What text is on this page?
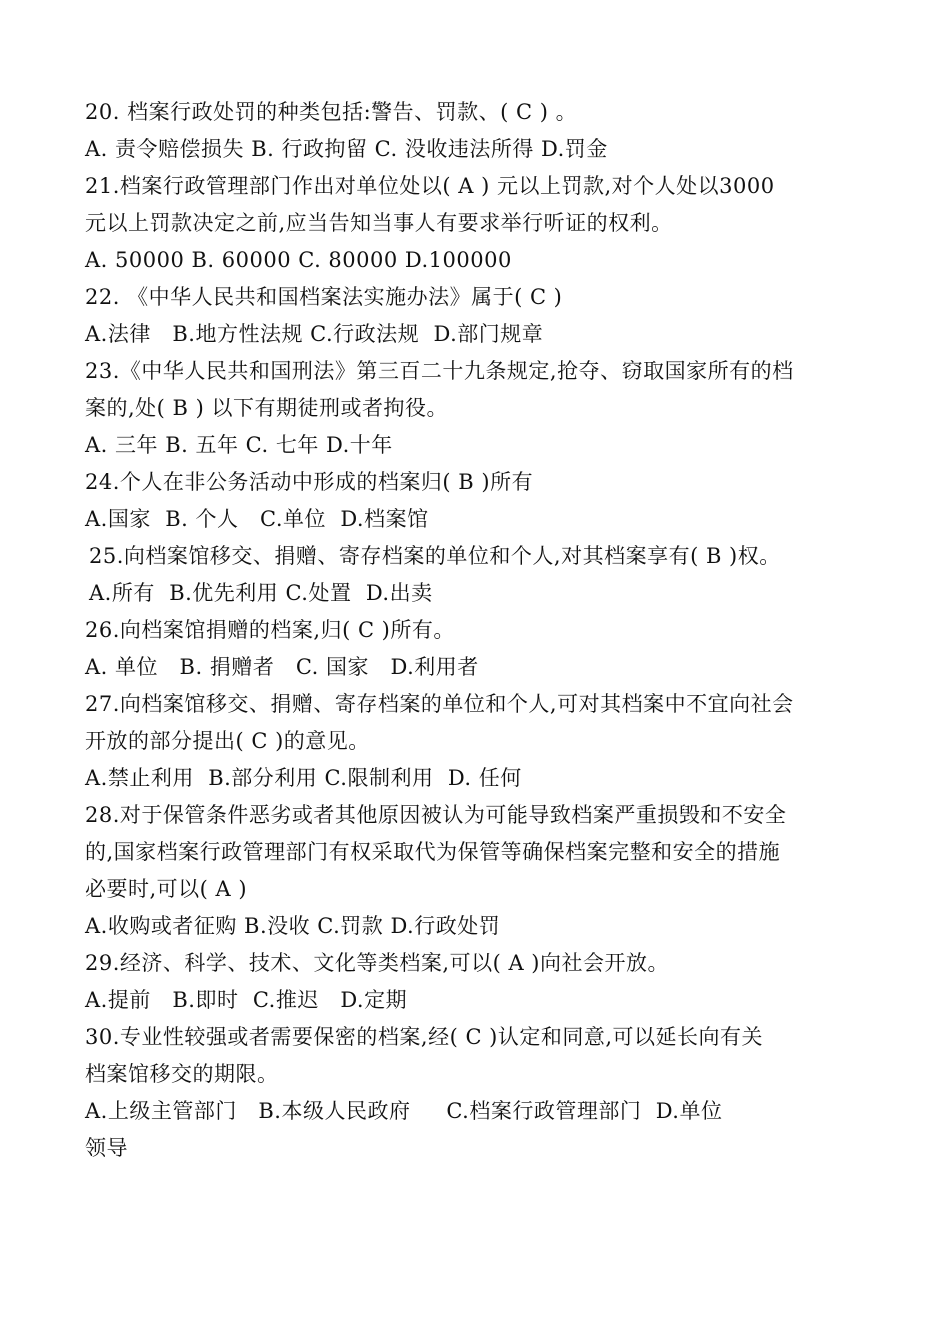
20. 档案行政处罚的种类包括:警告、罚款、( C ) 。
A. 责令赔偿损失 B. 行政拘留 C. 没收违法所得 D.罚金
21.档案行政管理部门作出对单位处以( A ) 元以上罚款,对个人处以3000
元以上罚款决定之前,应当告知当事人有要求举行听证的权利。
A. 50000 B. 60000 C. 80000 D.100000
22. 《中华人民共和国档案法实施办法》属于( C )
A.法律   B.地方性法规 C.行政法规  D.部门规章
23.《中华人民共和国刑法》第三百二十九条规定,抢夺、窃取国家所有的档
案的,处( B ) 以下有期徒刑或者拘役。
A. 三年 B. 五年 C. 七年 D.十年
24.个人在非公务活动中形成的档案归( B )所有
A.国家  B. 个人   C.单位  D.档案馆
25.向档案馆移交、捐赠、寄存档案的单位和个人,对其档案享有( B )权。
A.所有  B.优先利用 C.处置  D.出卖
26.向档案馆捐赠的档案,归( C )所有。
A. 单位   B. 捐赠者   C. 国家   D.利用者
27.向档案馆移交、捐赠、寄存档案的单位和个人,可对其档案中不宜向社会
开放的部分提出( C )的意见。
A.禁止利用  B.部分利用 C.限制利用  D. 任何
28.对于保管条件恶劣或者其他原因被认为可能导致档案严重损毁和不安全
的,国家档案行政管理部门有权采取代为保管等确保档案完整和安全的措施
必要时,可以( A )
A.收购或者征购 B.没收 C.罚款 D.行政处罚
29.经济、科学、技术、文化等类档案,可以( A )向社会开放。
A.提前   B.即时  C.推迟   D.定期
30.专业性较强或者需要保密的档案,经( C )认定和同意,可以延长向有关
档案馆移交的期限。
A.上级主管部门   B.本级人民政府     C.档案行政管理部门  D.单位
领导
